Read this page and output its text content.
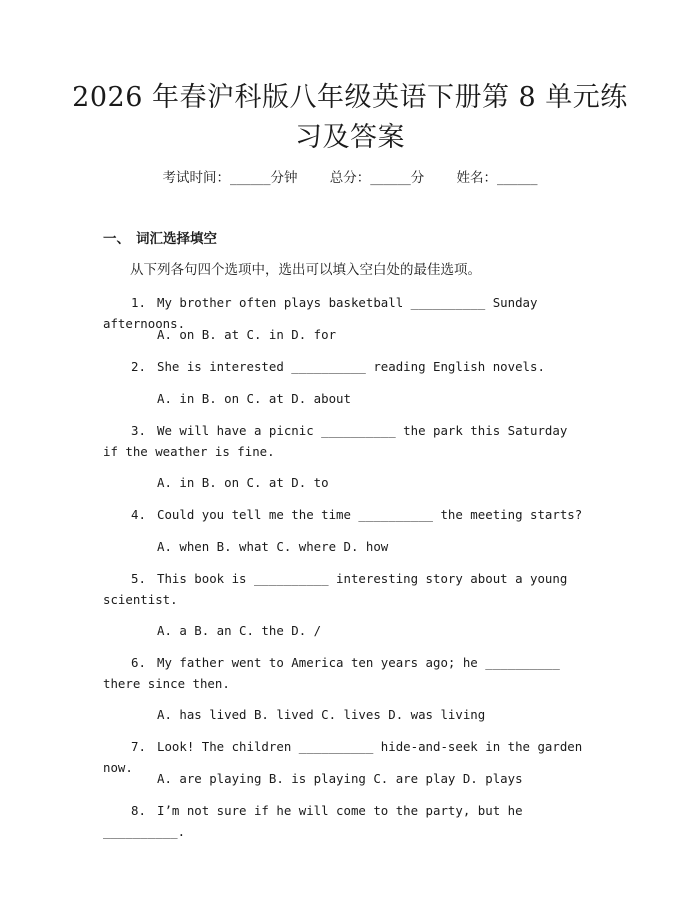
2026 年春沪科版八年级英语下册第 8 单元练
习及答案
考试时间：______分钟 总分：______分 姓名：______
一、 词汇选择填空
从下列各句四个选项中，选出可以填入空白处的最佳选项。
1. My brother often plays basketball __________ Sunday afternoons.
A. on B. at C. in D. for
2. She is interested __________ reading English novels.
A. in B. on C. at D. about
3. We will have a picnic __________ the park this Saturday if the weather is fine.
A. in B. on C. at D. to
4. Could you tell me the time __________ the meeting starts?
A. when B. what C. where D. how
5. This book is __________ interesting story about a young scientist.
A. a B. an C. the D. /
6. My father went to America ten years ago; he __________ there since then.
A. has lived B. lived C. lives D. was living
7. Look! The children __________ hide-and-seek in the garden now.
A. are playing B. is playing C. are play D. plays
8. I’m not sure if he will come to the party, but he __________.
